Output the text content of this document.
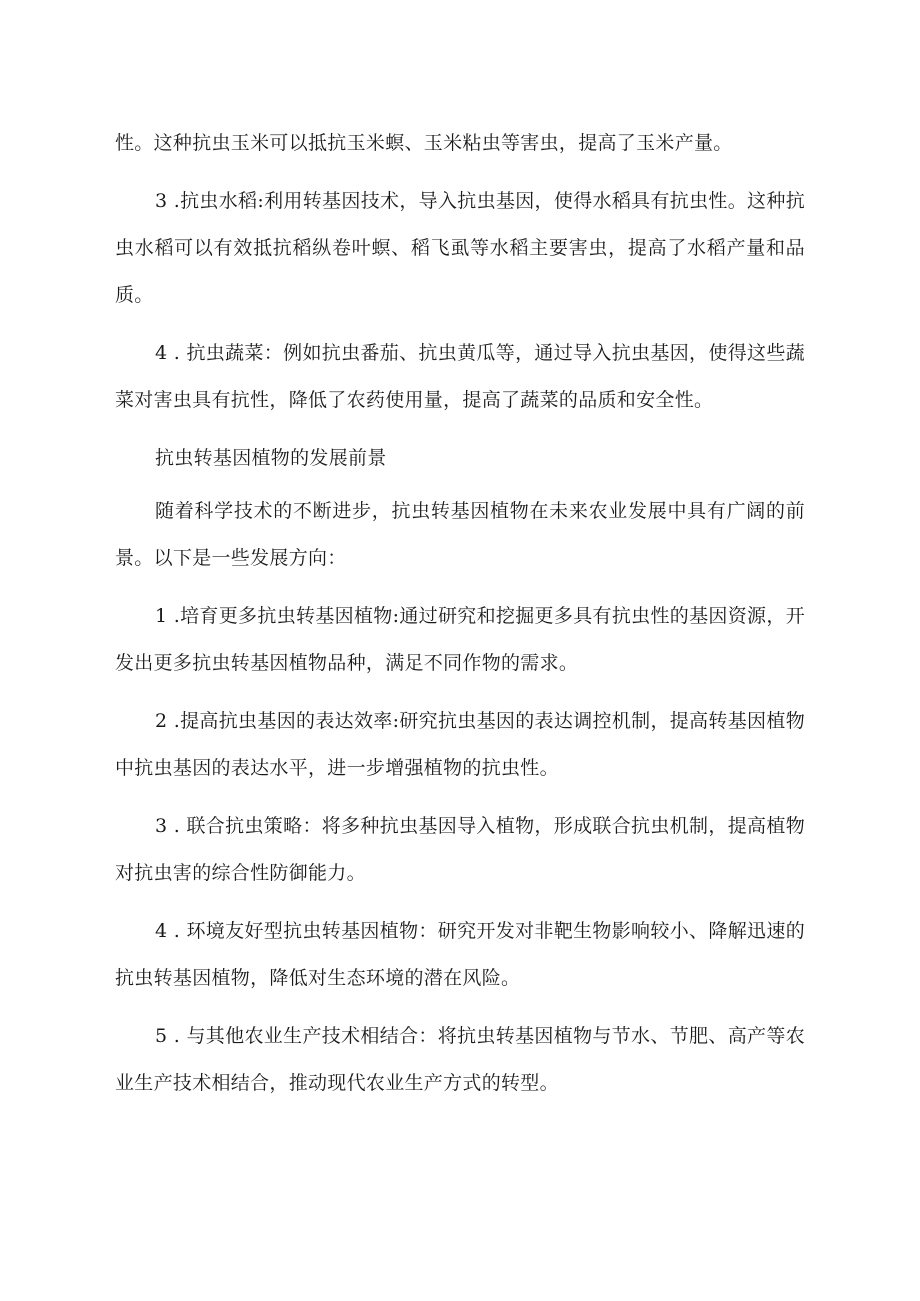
性。这种抗虫玉米可以抵抗玉米螟、玉米粘虫等害虫，提高了玉米产量。

3 .抗虫水稻:利用转基因技术，导入抗虫基因，使得水稻具有抗虫性。这种抗虫水稻可以有效抵抗稻纵卷叶螟、稻飞虱等水稻主要害虫，提高了水稻产量和品质。

4 . 抗虫蔬菜：例如抗虫番茄、抗虫黄瓜等，通过导入抗虫基因，使得这些蔬菜对害虫具有抗性，降低了农药使用量，提高了蔬菜的品质和安全性。

抗虫转基因植物的发展前景

随着科学技术的不断进步，抗虫转基因植物在未来农业发展中具有广阔的前景。以下是一些发展方向：

1 .培育更多抗虫转基因植物:通过研究和挖掘更多具有抗虫性的基因资源，开发出更多抗虫转基因植物品种，满足不同作物的需求。

2 .提高抗虫基因的表达效率:研究抗虫基因的表达调控机制，提高转基因植物中抗虫基因的表达水平，进一步增强植物的抗虫性。

3 . 联合抗虫策略：将多种抗虫基因导入植物，形成联合抗虫机制，提高植物对抗虫害的综合性防御能力。

4 . 环境友好型抗虫转基因植物：研究开发对非靶生物影响较小、降解迅速的抗虫转基因植物，降低对生态环境的潜在风险。

5 . 与其他农业生产技术相结合：将抗虫转基因植物与节水、节肥、高产等农业生产技术相结合，推动现代农业生产方式的转型。
